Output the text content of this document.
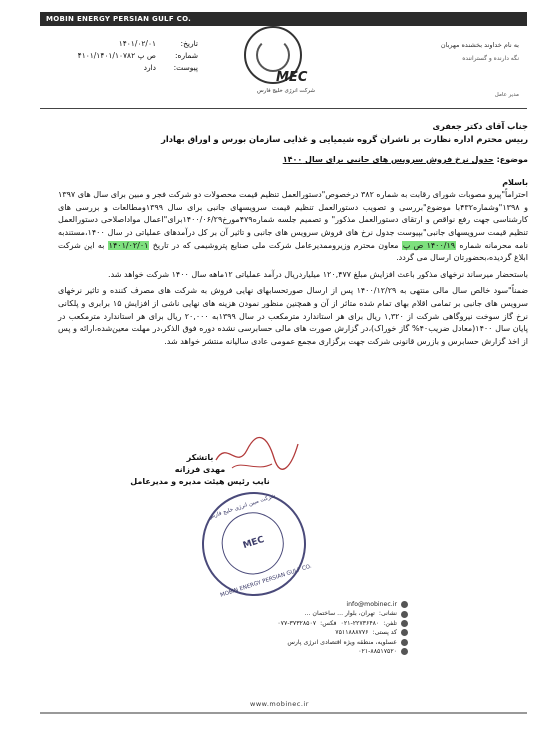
MOBIN ENERGY PERSIAN GULF CO.
تاریخ:
۱۴۰۱/۰۲/۰۱
شماره:
۴۱۰۱/۱۴۰۱/۱۰۷۸۲ ص پ
پیوست:
دارد
MEC
شرکت انرژی خلیج فارس
به نام خداوند بخشنده مهربان
نگه دارنده و گستراننده
مدیر عامل
جناب آقای دکتر جعفری
رییس محترم اداره نظارت بر ناشران گروه شیمیایی و غذایی سازمان بورس و اوراق بهادار
موضوع: جدول نرخ فروش سرویس های جانبی برای سال ۱۴۰۰
باسلام
احتراماً"پیرو مصوبات شورای رقابت به شماره ۳۸۲ درخصوص"دستورالعمل تنظیم قیمت محصولات دو شرکت فجر و مبین برای سال های ۱۳۹۷ و ۱۳۹۸"وشماره۴۳۲با موضوع"بررسی و تصویب دستورالعمل تنظیم قیمت سرویسهای جانبی برای سال ۱۳۹۹ومطالعات و بررسی های کارشناسی جهت رفع نواقص و ارتقای دستورالعمل مذکور" و تصمیم جلسه شماره۴۷۹مورخ۱۴۰۰/۰۶/۲۹برای"اعمال مواداصلاحی دستورالعمل تنظیم قیمت سرویسهای جانبی"بپیوست جدول نرخ های فروش سرویس های جانبی و تاثیر آن بر کل درآمدهای عملیاتی در سال ۱۴۰۰،مستندبه نامه محرمانه شماره ۱۴۰۰/۱۹ ص پ معاون محترم وزیروممدیرعامل شرکت ملی صنایع پتروشیمی که در تاریخ ۱۴۰۱/۰۲/۰۱ به این شرکت ابلاغ گردیده،بحضورتان ارسال می گردد.
باستحضار میرساند نرخهای مذکور باعث افزایش مبلغ ۱۲۰,۴۷۷ میلیاردریال درآمد عملیاتی ۱۲ماهه سال ۱۴۰۰ شرکت خواهد شد.
ضمناً"سود خالص سال مالی منتهی به ۱۴۰۰/۱۲/۲۹ پس از ارسال صورتحسابهای نهایی فروش به شرکت های مصرف کننده و تاثیر نرخهای سرویس های جانبی بر تمامی اقلام بهای تمام شده متاثر از آن و همچنین منظور نمودن هزینه های نهایی ناشی از افزایش ۱۵ برابری و پلکانی نرخ گاز سوخت نیروگاهی شرکت از ۱,۳۲۰ ریال برای هر استاندارد مترمکعب در سال ۱۳۹۹به ۲۰,۰۰۰ ریال برای هر استاندارد مترمکعب در پایان سال ۱۴۰۰(معادل ضریب۴۰% گاز خوراک)،در گزارش صورت های مالی حسابرسی نشده دوره فوق الذکر،در مهلت معین‌شده،ارائه و پس از اخذ گزارش حسابرس و بازرس قانونی شرکت جهت برگزاری مجمع عمومی عادی سالیانه منتشر خواهد شد.
باتشکر
مهدی فرزانه
نایب رئیس هیئت مدیره و مدیرعامل
شرکت مبین انرژی خلیج فارس
MEC
MOBIN ENERGY PERSIAN GULF CO.
info@mobinec.ir
نشانی:
تهران، بلوار ... ساختمان ...
تلفن:
۰۲۱-۲۲۷۳۶۴۸۰
فکس:
۰۷۷-۳۷۳۲۸۵۰۷
کد پستی:
۷۵۱۱۸۸۸۷۷۶
عسلویه، منطقه ویژه اقتصادی انرژی پارس
۰۲۱-۸۸۵۱۷۵۲۰
www.mobinec.ir
